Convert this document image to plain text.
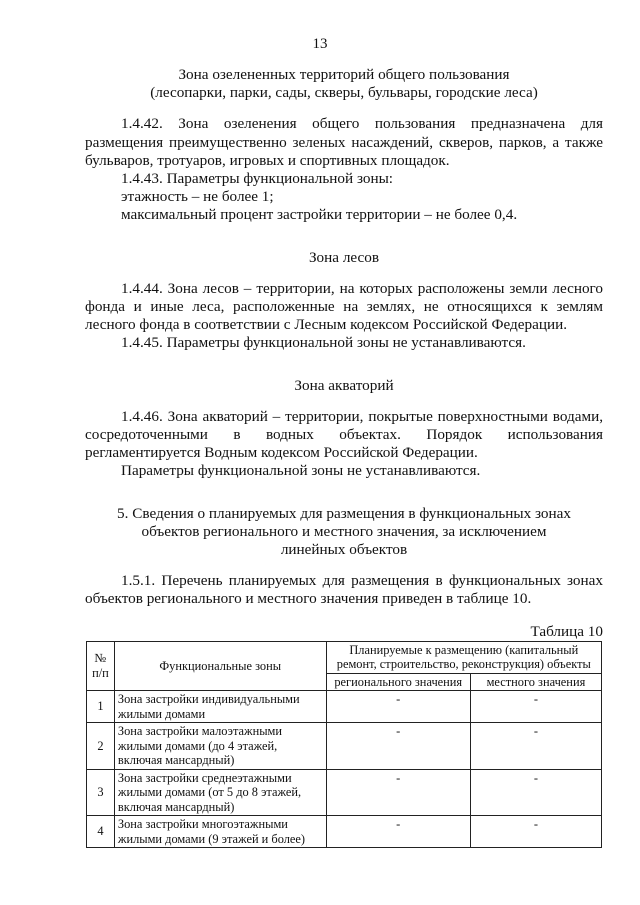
13

Зона озелененных территорий общего пользования

(лесопарки, парки, сады, скверы, бульвары, городские леса)

1.4.42. Зона озеленения общего пользования предназначена для размещения преимущественно зеленых насаждений, скверов, парков, а также бульваров, тротуаров, игровых и спортивных площадок.

1.4.43. Параметры функциональной зоны:

этажность – не более 1;

максимальный процент застройки территории – не более 0,4.

Зона лесов

1.4.44. Зона лесов – территории, на которых расположены земли лесного фонда и иные леса, расположенные на землях, не относящихся к землям лесного фонда в соответствии с Лесным кодексом Российской Федерации.

1.4.45. Параметры функциональной зоны не устанавливаются.

Зона акваторий

1.4.46. Зона акваторий – территории, покрытые поверхностными водами, сосредоточенными в водных объектах. Порядок использования регламентируется Водным кодексом Российской Федерации.

Параметры функциональной зоны не устанавливаются.

5. Сведения о планируемых для размещения в функциональных зонах

объектов регионального и местного значения, за исключением

линейных объектов

1.5.1. Перечень планируемых для размещения в функциональных зонах объектов регионального и местного значения приведен в таблице 10.

Таблица 10

№ п/п	Функциональные зоны	Планируемые к размещению (капитальный ремонт, строительство, реконструкция) объекты	
		регионального значения	местного значения
1	Зона застройки индивидуальными жилыми домами	-	-
2	Зона застройки малоэтажными жилыми домами (до 4 этажей, включая мансардный)	-	-
3	Зона застройки среднеэтажными жилыми домами (от 5 до 8 этажей, включая мансардный)	-	-
4	Зона застройки многоэтажными жилыми домами (9 этажей и более)	-	-
